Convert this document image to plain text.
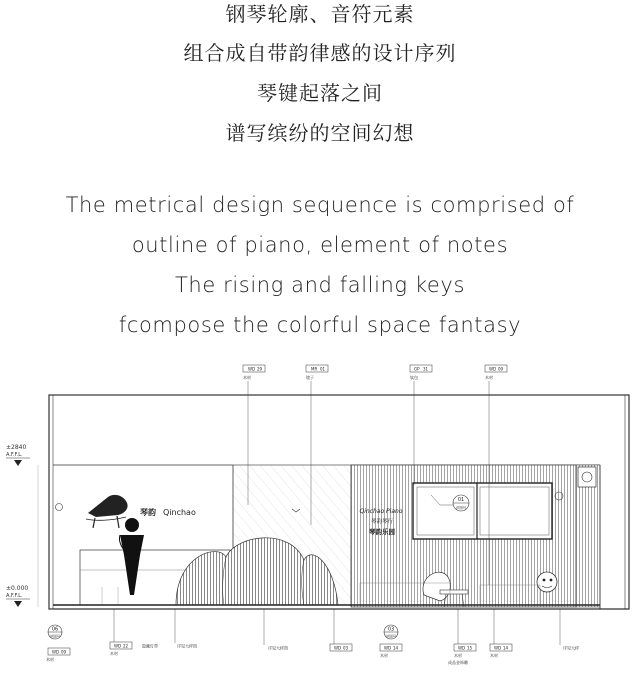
钢琴轮廓、音符元素
组合成自带韵律感的设计序列
琴键起落之间
谱写缤纷的空间幻想
The metrical design sequence is comprised of
outline of piano, element of notes
The rising and falling keys
fcompose the colorful space fantasy
±2840
A.F.F.L.
±0.000
A.F.F.L.
01
详图号
Qinchao Piano
琴韵琴行
琴韵乐园
琴韵 Qinchao
WD 29
木材
MR 01
镜子
GP 31
软包
WD 09
木材
06
详图号
03
详图号
WD 09
木材
WD 22
木材
隐藏灯带	详见大样图	详见大样图	WD 03	WD 14
木材
WD 15
木材
成品金饰雕
WD 14
木材
详见大样
